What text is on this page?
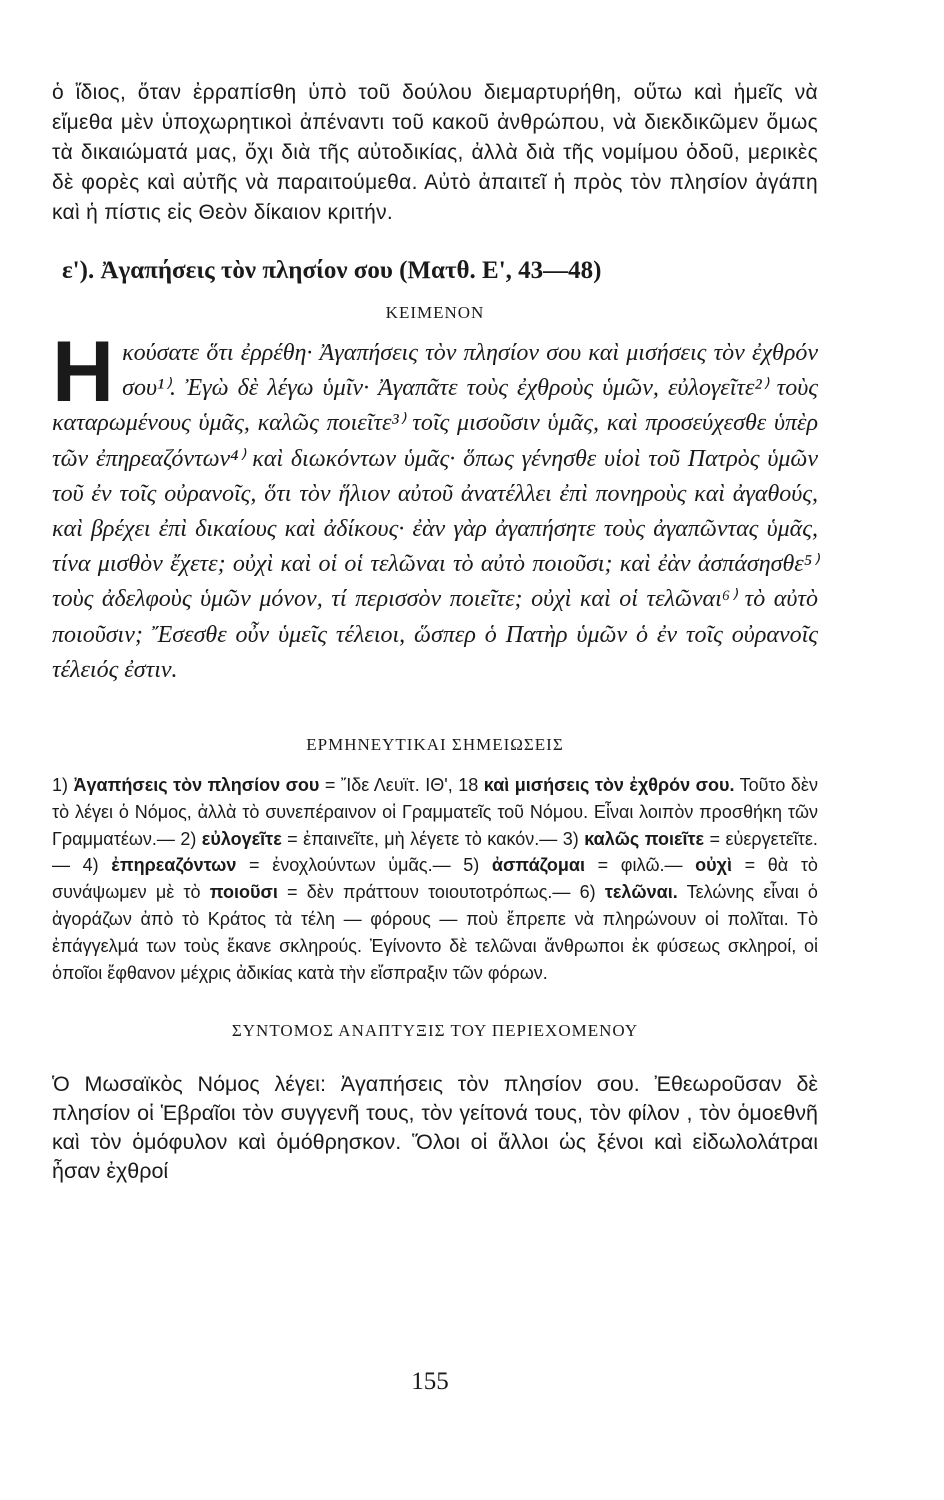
ὁ ἴδιος, ὅταν ἐρραπίσθη ὑπὸ τοῦ δούλου διεμαρτυρήθη, οὕτω καὶ ἡμεῖς νὰ εἴμεθα μὲν ὑποχωρητικοὶ ἀπέναντι τοῦ κακοῦ ἀνθρώπου, νὰ διεκδικῶμεν ὅμως τὰ δικαιώματά μας, ὄχι διὰ τῆς αὐτοδικίας, ἀλλὰ διὰ τῆς νομίμου ὁδοῦ, μερικὲς δὲ φορὲς καὶ αὐτῆς νὰ παραιτούμεθα. Αὐτὸ ἀπαιτεῖ ἡ πρὸς τὸν πλησίον ἀγάπη καὶ ἡ πίστις εἰς Θεὸν δίκαιον κριτήν.

ε'). Ἀγαπήσεις τὸν πλησίον σου (Ματθ. Ε', 43—48)
ΚΕΙΜΕΝΟΝ

Ηκούσατε ὅτι ἐρρέθη· Ἀγαπήσεις τὸν πλησίον σου καὶ μισήσεις τὸν ἐχθρόν σου¹⁾. Ἐγὼ δὲ λέγω ὑμῖν· Ἀγαπᾶτε τοὺς ἐχθροὺς ὑμῶν, εὐλογεῖτε²⁾ τοὺς καταρωμένους ὑμᾶς, καλῶς ποιεῖτε³⁾ τοῖς μισοῦσιν ὑμᾶς, καὶ προσεύχεσθε ὑπὲρ τῶν ἐπηρεαζόντων⁴⁾ καὶ διωκόντων ὑμᾶς· ὅπως γένησθε υἱοὶ τοῦ Πατρὸς ὑμῶν τοῦ ἐν τοῖς οὐρανοῖς, ὅτι τὸν ἥλιον αὐτοῦ ἀνατέλλει ἐπὶ πονηροὺς καὶ ἀγαθούς, καὶ βρέχει ἐπὶ δικαίους καὶ ἀδίκους· ἐὰν γὰρ ἀγαπήσητε τοὺς ἀγαπῶντας ὑμᾶς, τίνα μισθὸν ἔχετε; οὐχὶ καὶ οἱ οἱ τελῶναι τὸ αὐτὸ ποιοῦσι; καὶ ἐὰν ἀσπάσησθε⁵⁾ τοὺς ἀδελφοὺς ὑμῶν μόνον, τί περισσὸν ποιεῖτε; οὐχὶ καὶ οἱ τελῶναι⁶⁾ τὸ αὐτὸ ποιοῦσιν; Ἔσεσθε οὖν ὑμεῖς τέλειοι, ὥσπερ ὁ Πατὴρ ὑμῶν ὁ ἐν τοῖς οὐρανοῖς τέλειός ἐστιν.

ΕΡΜΗΝΕΥΤΙΚΑΙ ΣΗΜΕΙΩΣΕΙΣ

1) Ἀγαπήσεις τὸν πλησίον σου = Ἴδε Λευϊτ. ΙΘ', 18 καὶ μισήσεις τὸν ἐχθρόν σου. Τοῦτο δὲν τὸ λέγει ὁ Νόμος, ἀλλὰ τὸ συνεπέραινον οἱ Γραμματεῖς τοῦ Νόμου. Εἶναι λοιπὸν προσθήκη τῶν Γραμματέων.— 2) εὐλογεῖτε = ἐπαινεῖτε, μὴ λέγετε τὸ κακόν.— 3) καλῶς ποιεῖτε = εὐεργετεῖτε.— 4) ἐπηρεαζόντων = ἐνοχλούντων ὑμᾶς.— 5) ἀσπάζομαι = φιλῶ.— οὐχὶ = θὰ τὸ συνάψωμεν μὲ τὸ ποιοῦσι = δὲν πράττουν τοιουτοτρόπως.— 6) τελῶναι. Τελώνης εἶναι ὁ ἀγοράζων ἀπὸ τὸ Κράτος τὰ τέλη — φόρους — ποὺ ἔπρεπε νὰ πληρώνουν οἱ πολῖται. Τὸ ἐπάγγελμά των τοὺς ἔκανε σκληρούς. Ἐγίνοντο δὲ τελῶναι ἄνθρωποι ἐκ φύσεως σκληροί, οἱ ὁποῖοι ἔφθανον μέχρις ἀδικίας κατὰ τὴν εἴσπραξιν τῶν φόρων.

ΣΥΝΤΟΜΟΣ ΑΝΑΠΤΥΞΙΣ ΤΟΥ ΠΕΡΙΕΧΟΜΕΝΟΥ

Ὁ Μωσαϊκὸς Νόμος λέγει: Ἀγαπήσεις τὸν πλησίον σου. Ἐθεωροῦσαν δὲ πλησίον οἱ Ἑβραῖοι τὸν συγγενῆ τους, τὸν γείτονά τους, τὸν φίλον , τὸν ὁμοεθνῆ καὶ τὸν ὁμόφυλον καὶ ὁμόθρησκον. Ὅλοι οἱ ἄλλοι ὡς ξένοι καὶ εἰδωλολάτραι ἦσαν ἐχθροί

155
